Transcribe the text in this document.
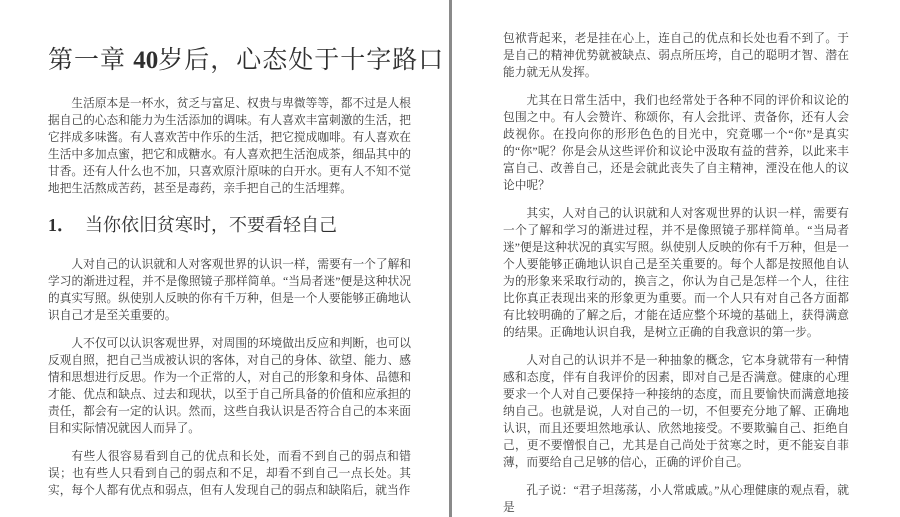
第一章 40岁后，心态处于十字路口

生活原本是一杯水，贫乏与富足、权贵与卑微等等，都不过是人根据自己的心态和能力为生活添加的调味。有人喜欢丰富刺激的生活，把它拌成多味酱。有人喜欢苦中作乐的生活，把它搅成咖啡。有人喜欢在生活中多加点蜜，把它和成糖水。有人喜欢把生活泡成茶，细品其中的甘香。还有人什么也不加，只喜欢原汁原味的白开水。更有人不知不觉地把生活熬成苦药，甚至是毒药，亲手把自己的生活埋葬。

1． 当你依旧贫寒时，不要看轻自己

人对自己的认识就和人对客观世界的认识一样，需要有一个了解和学习的渐进过程，并不是像照镜子那样简单。“当局者迷”便是这种状况的真实写照。纵使别人反映的你有千万种，但是一个人要能够正确地认识自己才是至关重要的。

人不仅可以认识客观世界，对周围的环境做出反应和判断，也可以反观自照，把自己当成被认识的客体，对自己的身体、欲望、能力、感情和思想进行反思。作为一个正常的人，对自己的形象和身体、品德和才能、优点和缺点、过去和现状，以至于自己所具备的价值和应承担的责任，都会有一定的认识。然而，这些自我认识是否符合自己的本来面目和实际情况就因人而异了。

有些人很容易看到自己的优点和长处，而看不到自己的弱点和错误；也有些人只看到自己的弱点和不足，却看不到自己一点长处。其实，每个人都有优点和弱点，但有人发现自己的弱点和缺陷后，就当作

包袱背起来，老是挂在心上，连自己的优点和长处也看不到了。于是自己的精神优势就被缺点、弱点所压垮，自己的聪明才智、潜在能力就无从发挥。

尤其在日常生活中，我们也经常处于各种不同的评价和议论的包围之中。有人会赞许、称颂你，有人会批评、责备你，还有人会歧视你。在投向你的形形色色的目光中，究竟哪一个“你”是真实的“你”呢？你是会从这些评价和议论中汲取有益的营养，以此来丰富自己、改善自己，还是会就此丧失了自主精神，湮没在他人的议论中呢？

其实，人对自己的认识就和人对客观世界的认识一样，需要有一个了解和学习的渐进过程，并不是像照镜子那样简单。“当局者迷”便是这种状况的真实写照。纵使别人反映的你有千万种，但是一个人要能够正确地认识自己是至关重要的。每个人都是按照他自认为的形象来采取行动的，换言之，你认为自己是怎样一个人，往往比你真正表现出来的形象更为重要。而一个人只有对自己各方面都有比较明确的了解之后，才能在适应整个环境的基础上，获得满意的结果。正确地认识自我，是树立正确的自我意识的第一步。

人对自己的认识并不是一种抽象的概念，它本身就带有一种情感和态度，伴有自我评价的因素，即对自己是否满意。健康的心理要求一个人对自己要保持一种接纳的态度，而且要愉快而满意地接纳自己。也就是说，人对自己的一切，不但要充分地了解、正确地认识，而且还要坦然地承认、欣然地接受。不要欺骗自己、拒绝自己，更不要憎恨自己，尤其是自己尚处于贫寒之时，更不能妄自菲薄，而要给自己足够的信心，正确的评价自己。

孔子说：“君子坦荡荡，小人常戚戚。”从心理健康的观点看，就是
